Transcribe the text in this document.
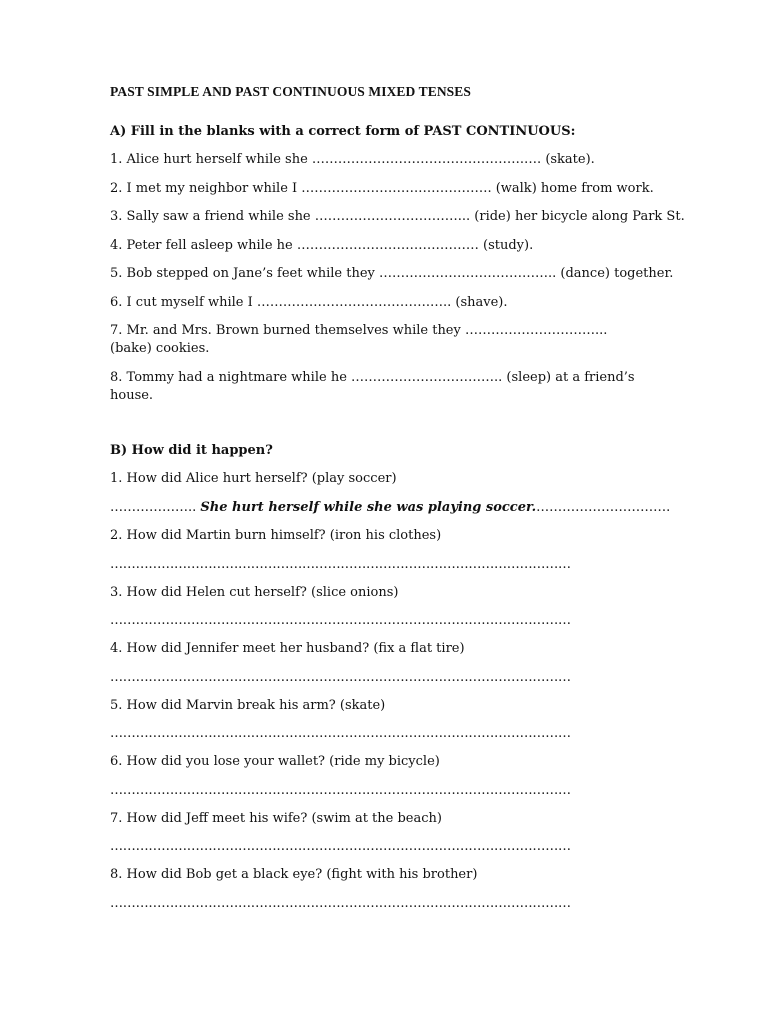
PAST SIMPLE AND PAST CONTINUOUS MIXED TENSES
A) Fill in the blanks with a correct form of PAST CONTINUOUS:
1. Alice hurt herself while she ………………………………………….…. (skate).
2. I met my neighbor while I ……………………….……………. (walk) home from work.
3. Sally saw a friend while she ……………………………... (ride) her bicycle along Park St.
4. Peter fell asleep while he …………………………………… (study).
5. Bob stepped on Jane’s feet while they ………………………………….. (dance) together.
6. I cut myself while I ………………………………….….. (shave).
7. Mr. and Mrs. Brown burned themselves while they …………………………... (bake) cookies.
8. Tommy had a nightmare while he …………………………….. (sleep) at a friend’s house.
B) How did it happen?
1. How did Alice hurt herself? (play soccer)
……………….. She hurt herself while she was playing soccer.………………………….
2. How did Martin burn himself? (iron his clothes)
………………………………………………………………………………………………
3. How did Helen cut herself? (slice onions)
………………………………………………………………………………………………
4. How did Jennifer meet her husband? (fix a flat tire)
………………………………………………………………………………………………
5. How did Marvin break his arm? (skate)
………………………………………………………………………………………………
6. How did you lose your wallet? (ride my bicycle)
………………………………………………………………………………………………
7. How did Jeff meet his wife? (swim at the beach)
………………………………………………………………………………………………
8. How did Bob get a black eye? (fight with his brother)
………………………………………………………………………………………………
